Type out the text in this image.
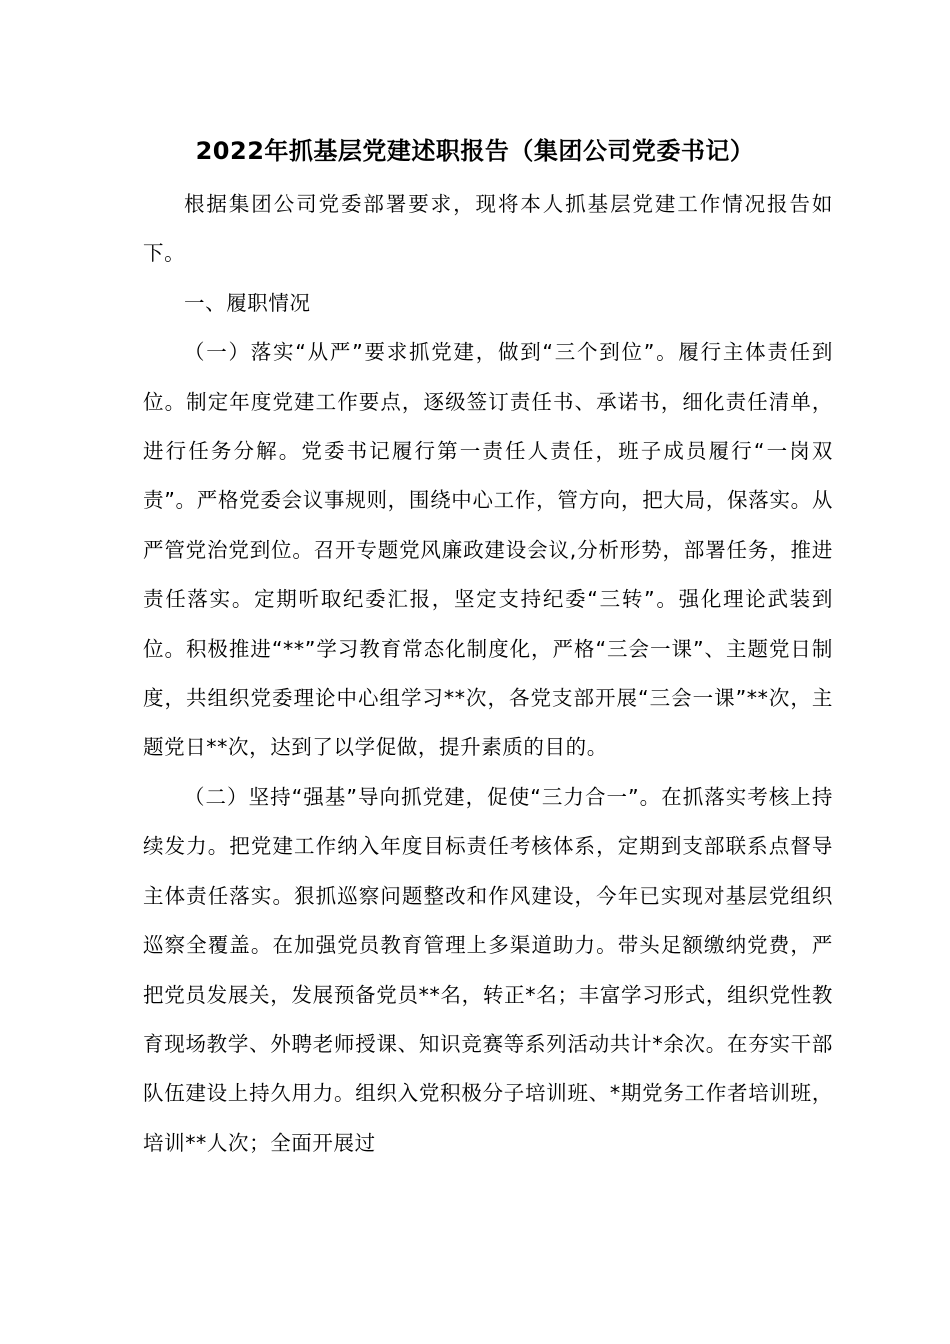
2022年抓基层党建述职报告（集团公司党委书记）

根据集团公司党委部署要求，现将本人抓基层党建工作情况报告如下。

一、履职情况

（一）落实“从严”要求抓党建，做到“三个到位”。履行主体责任到位。制定年度党建工作要点，逐级签订责任书、承诺书，细化责任清单，进行任务分解。党委书记履行第一责任人责任，班子成员履行“一岗双责”。严格党委会议事规则，围绕中心工作，管方向，把大局，保落实。从严管党治党到位。召开专题党风廉政建设会议,分析形势，部署任务，推进责任落实。定期听取纪委汇报，坚定支持纪委“三转”。强化理论武装到位。积极推进“**”学习教育常态化制度化，严格“三会一课”、主题党日制度，共组织党委理论中心组学习**次，各党支部开展“三会一课”**次，主题党日**次，达到了以学促做，提升素质的目的。

（二）坚持“强基”导向抓党建，促使“三力合一”。在抓落实考核上持续发力。把党建工作纳入年度目标责任考核体系，定期到支部联系点督导主体责任落实。狠抓巡察问题整改和作风建设，今年已实现对基层党组织巡察全覆盖。在加强党员教育管理上多渠道助力。带头足额缴纳党费，严把党员发展关，发展预备党员**名，转正*名；丰富学习形式，组织党性教育现场教学、外聘老师授课、知识竞赛等系列活动共计*余次。在夯实干部队伍建设上持久用力。组织入党积极分子培训班、*期党务工作者培训班，培训**人次；全面开展过
